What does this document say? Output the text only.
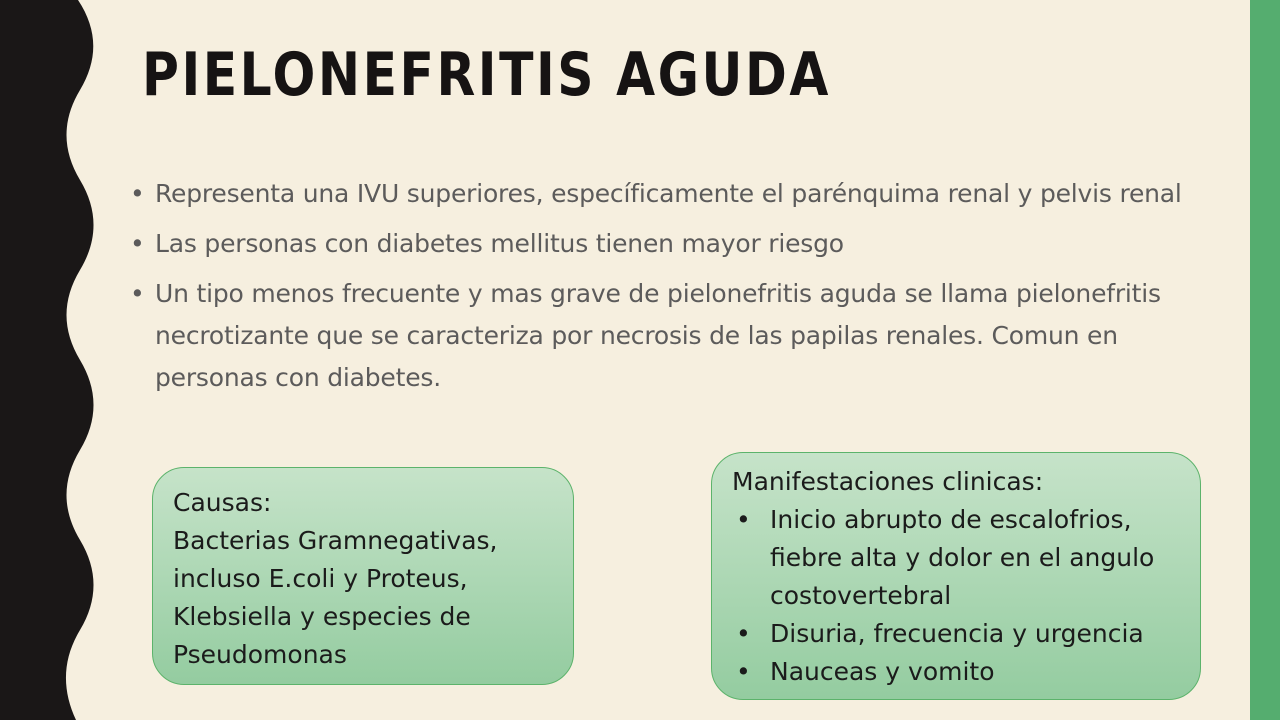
PIELONEFRITIS AGUDA
• Representa una IVU superiores, específicamente el parénquima renal y pelvis renal
• Las personas con diabetes mellitus tienen mayor riesgo
• Un tipo menos frecuente y mas grave de pielonefritis aguda se llama pielonefritis necrotizante que se caracteriza por necrosis de las papilas renales. Comun en personas con diabetes.

Causas:

Bacterias Gramnegativas, incluso E.coli y Proteus, Klebsiella y especies de Pseudomonas

Manifestaciones clinicas:

• Inicio abrupto de escalofrios, fiebre alta y dolor en el angulo costovertebral
• Disuria, frecuencia y urgencia
• Nauceas y vomito
